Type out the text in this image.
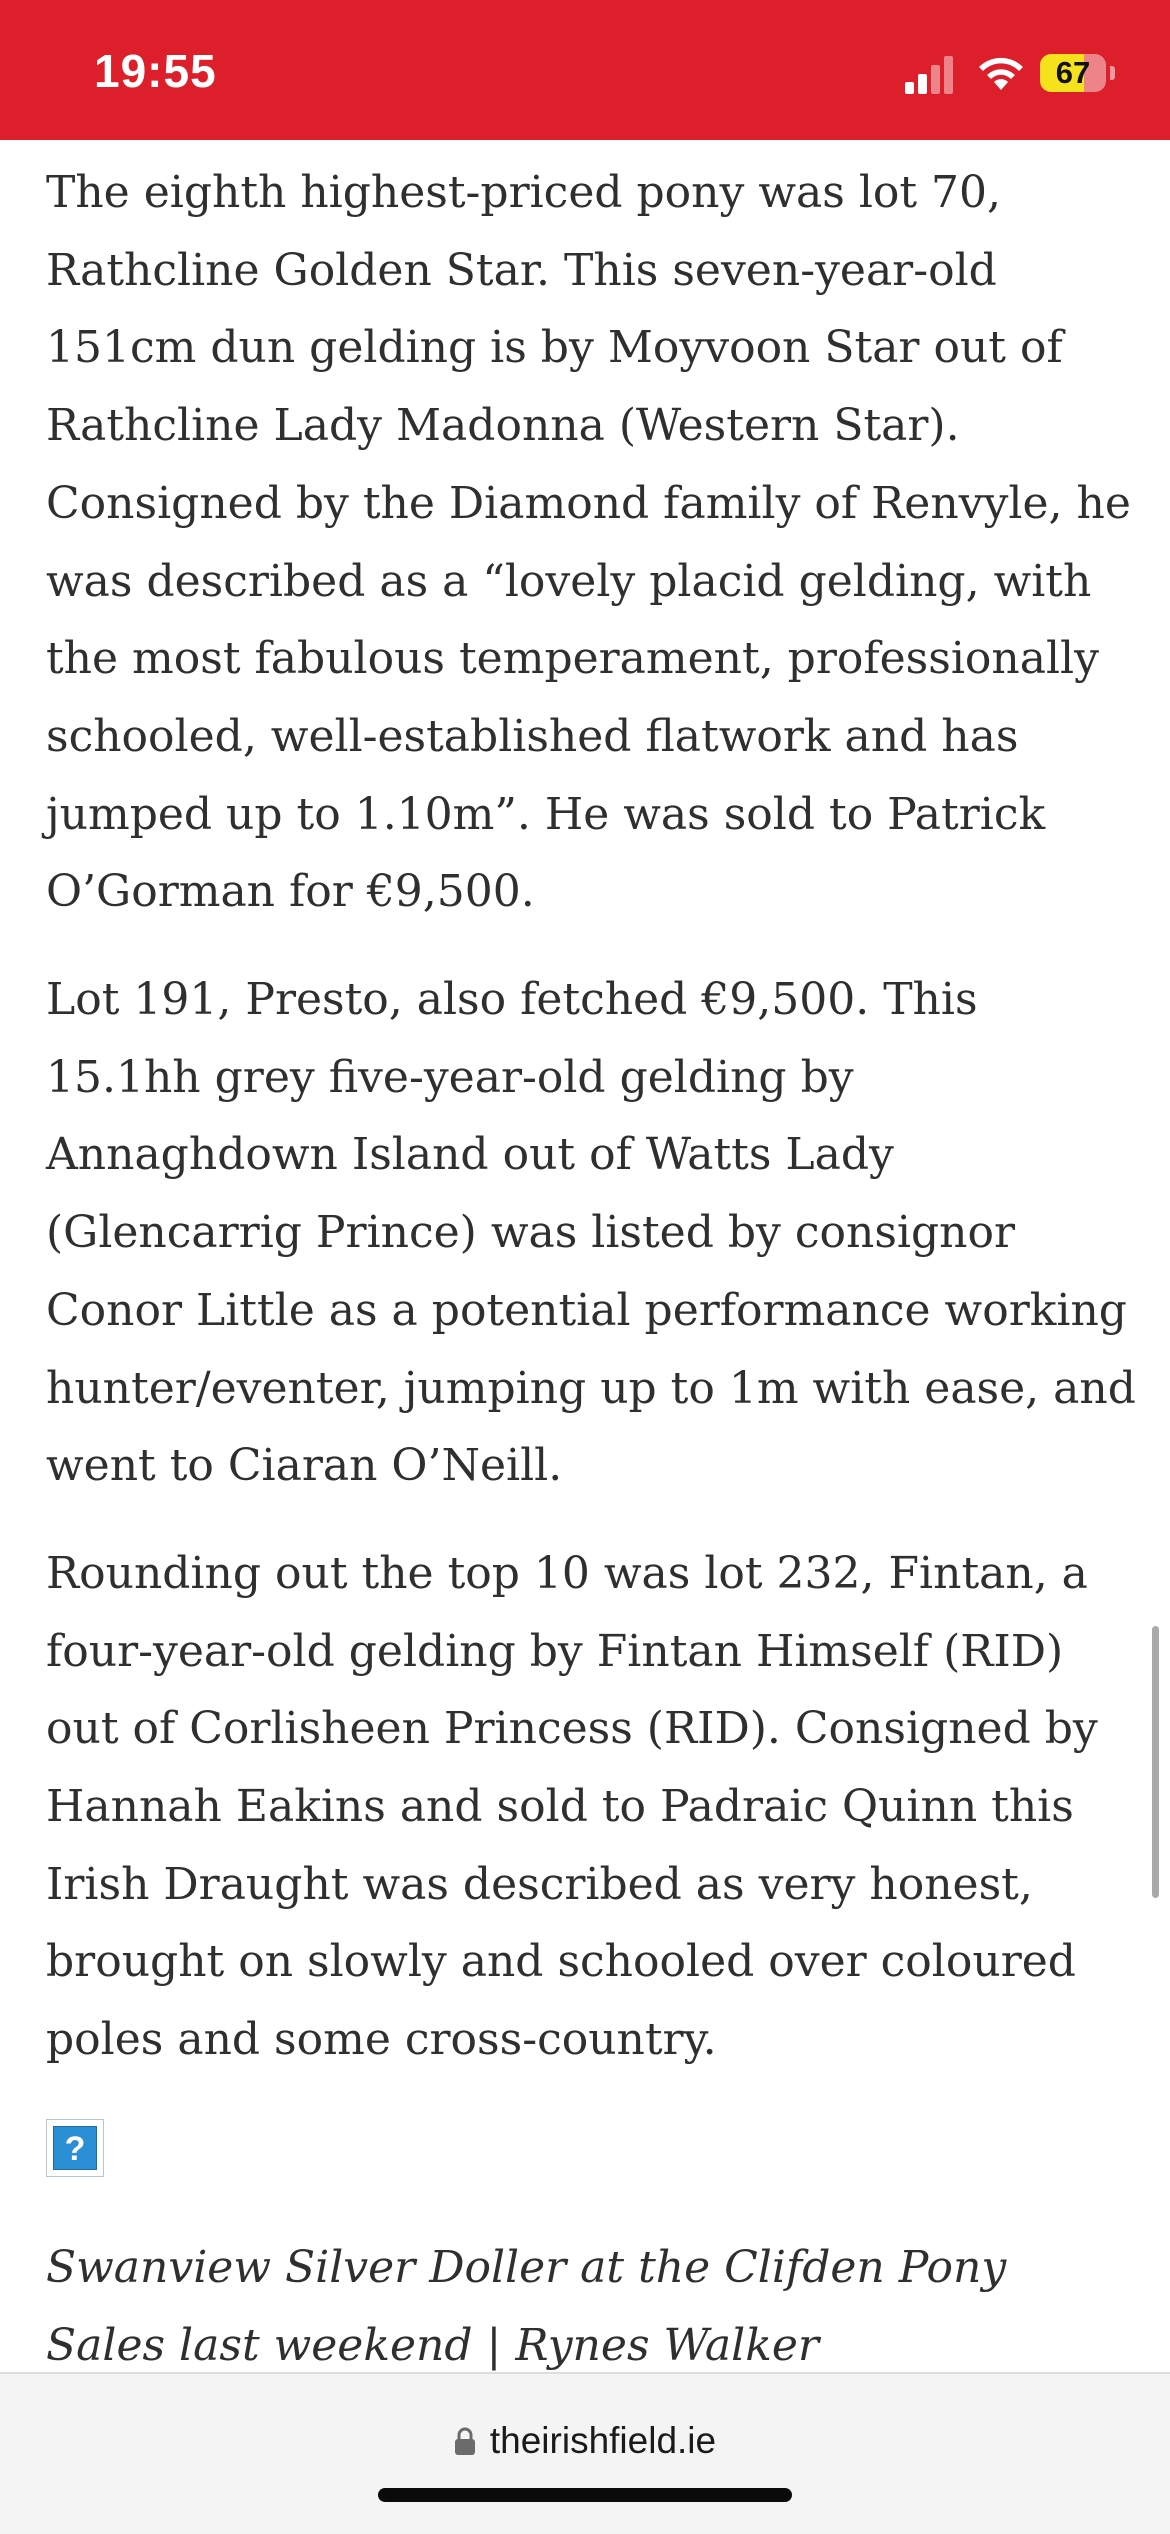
19:55	67

The eighth highest-priced pony was lot 70, Rathcline Golden Star. This seven-year-old 151cm dun gelding is by Moyvoon Star out of Rathcline Lady Madonna (Western Star). Consigned by the Diamond family of Renvyle, he was described as a “lovely placid gelding, with the most fabulous temperament, professionally schooled, well-established flatwork and has jumped up to 1.10m”. He was sold to Patrick O’Gorman for €9,500.

Lot 191, Presto, also fetched €9,500. This 15.1hh grey five-year-old gelding by Annaghdown Island out of Watts Lady (Glencarrig Prince) was listed by consignor Conor Little as a potential performance working hunter/eventer, jumping up to 1m with ease, and went to Ciaran O’Neill.

Rounding out the top 10 was lot 232, Fintan, a four-year-old gelding by Fintan Himself (RID) out of Corlisheen Princess (RID). Consigned by Hannah Eakins and sold to Padraic Quinn this Irish Draught was described as very honest, brought on slowly and schooled over coloured poles and some cross-country.

?
Swanview Silver Doller at the Clifden Pony Sales last weekend | Rynes Walker
theirishfield.ie
